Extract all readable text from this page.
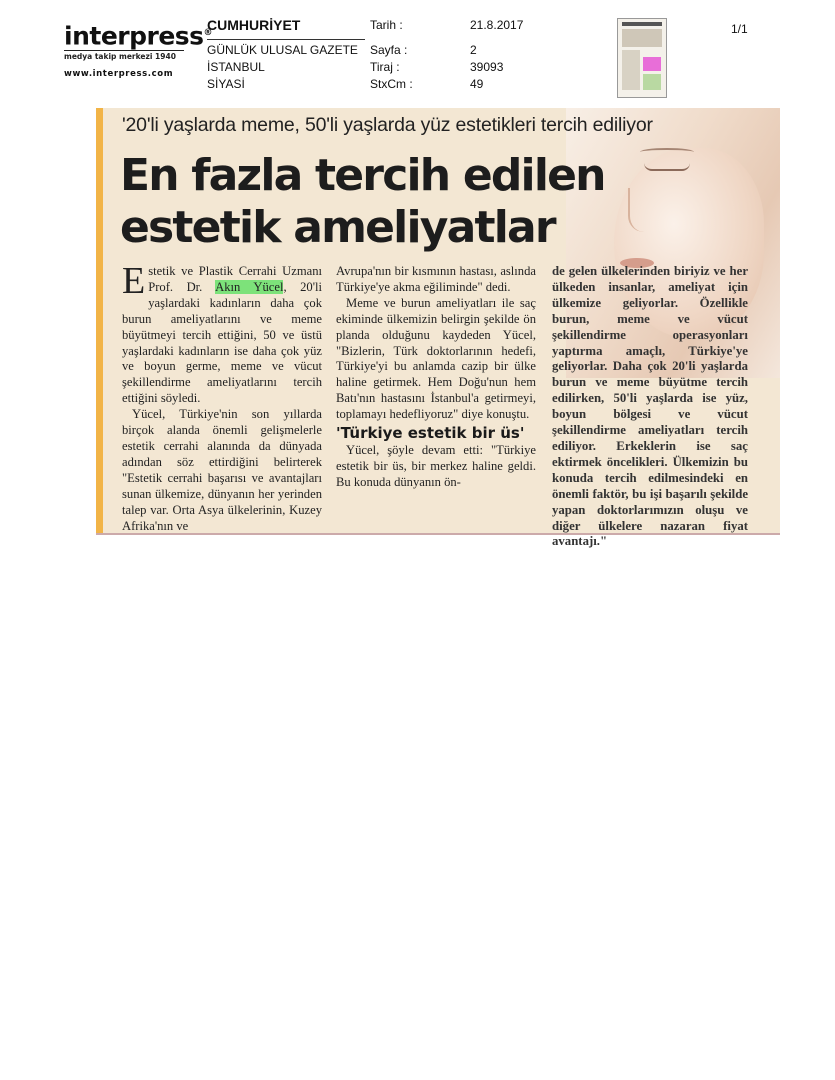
interpress®
medya takip merkezi 1940
www.interpress.com
CUMHURİYET
GÜNLÜK ULUSAL GAZETE
İSTANBUL
SİYASİ
Tarih :
Sayfa :
Tiraj :
StxCm :
21.8.2017
2
39093
49
1/1
'20'li yaşlarda meme, 50'li yaşlarda yüz estetikleri tercih ediliyor
En fazla tercih edilen
estetik ameliyatlar

Estetik ve Plastik Cerrahi Uzmanı Prof. Dr. Akın Yücel, 20'li yaşlardaki kadınların daha çok burun ameliyatlarını ve meme büyütmeyi tercih ettiğini, 50 ve üstü yaşlardaki kadınların ise daha çok yüz ve boyun germe, meme ve vücut şekillendirme ameliyatlarını tercih ettiğini söyledi.

Yücel, Türkiye'nin son yıllarda birçok alanda önemli gelişmelerle estetik cerrahi alanında da dünyada adından söz ettirdiğini belirterek "Estetik cerrahi başarısı ve avantajları sunan ülkemize, dünyanın her yerinden talep var. Orta Asya ülkelerinin, Kuzey Afrika'nın ve

Avrupa'nın bir kısmının hastası, aslında Türkiye'ye akma eğilimindе" dedi.

Meme ve burun ameliyatları ile saç ekiminde ülkemizin belirgin şekilde ön planda olduğunu kaydeden Yücel, "Bizlerin, Türk doktorlarının hedefi, Türkiye'yi bu anlamda cazip bir ülke haline getirmek. Hem Doğu'nun hem Batı'nın hastasını İstanbul'a getirmeyi, toplamayı hedefliyoruz" diye konuştu.

'Türkiye estetik bir üs'

Yücel, şöyle devam etti: "Türkiye estetik bir üs, bir merkez haline geldi. Bu konuda dünyanın ön-

de gelen ülkelerinden biriyiz ve her ülkeden insanlar, ameliyat için ülkemize geliyorlar. Özellikle burun, meme ve vücut şekillendirme operasyonları yaptırma amaçlı, Türkiye'ye geliyorlar. Daha çok 20'li yaşlarda burun ve meme büyütme tercih edilirken, 50'li yaşlarda ise yüz, boyun bölgesi ve vücut şekillendirme ameliyatları tercih ediliyor. Erkeklerin ise saç ektirmek öncelikleri. Ülkemizin bu konuda tercih edilmesindeki en önemli faktör, bu işi başarılı şekilde yapan doktorlarımızın oluşu ve diğer ülkelere nazaran fiyat avantajı."
